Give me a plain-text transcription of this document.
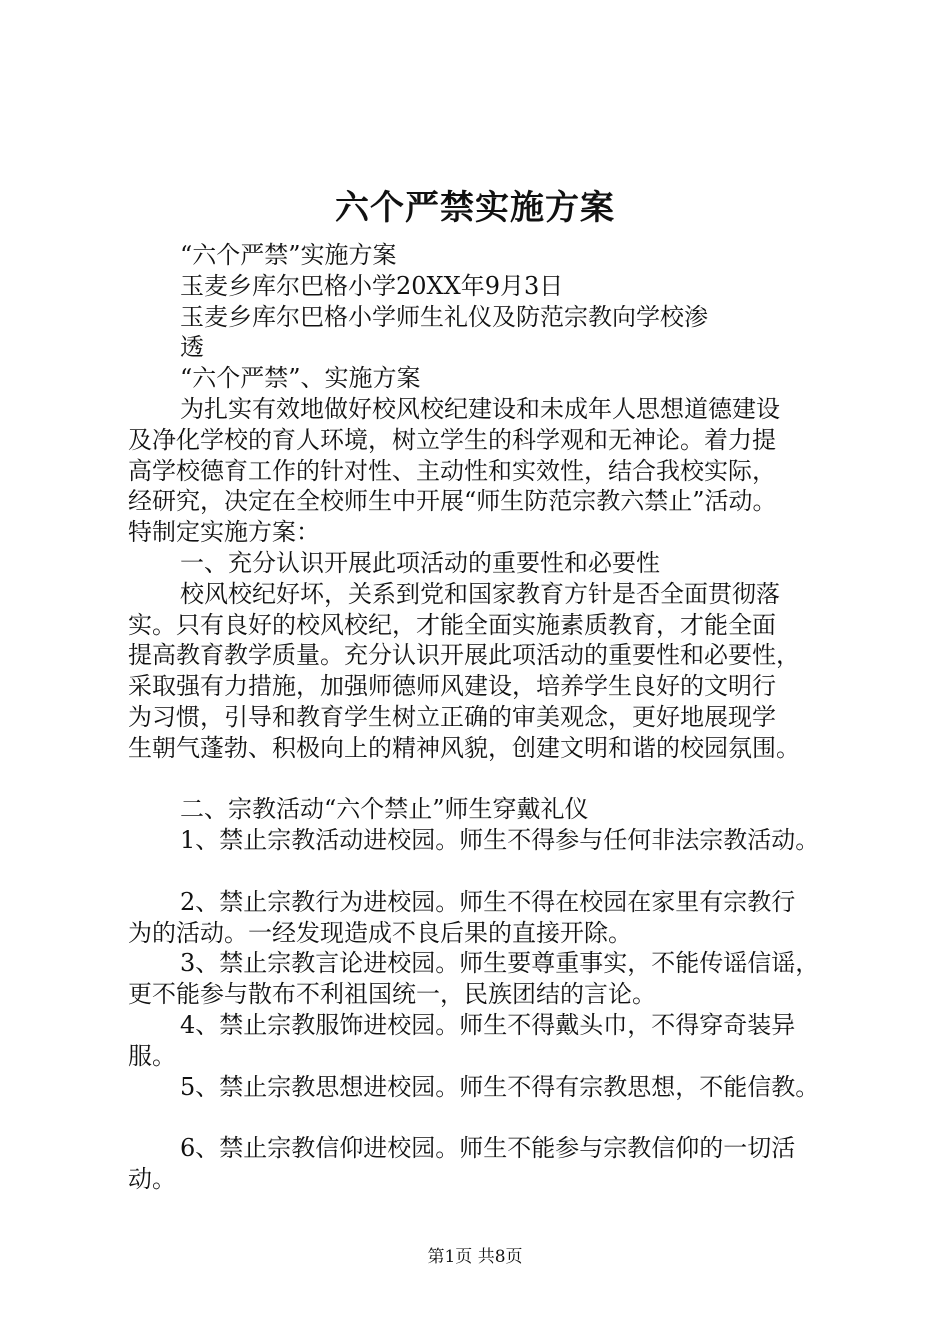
六个严禁实施方案

“六个严禁”实施方案

玉麦乡库尔巴格小学20XX年9月3日

玉麦乡库尔巴格小学师生礼仪及防范宗教向学校渗

透

“六个严禁”、实施方案

为扎实有效地做好校风校纪建设和未成年人思想道德建设

及净化学校的育人环境，树立学生的科学观和无神论。着力提

高学校德育工作的针对性、主动性和实效性，结合我校实际，

经研究，决定在全校师生中开展“师生防范宗教六禁止”活动。

特制定实施方案：

一、充分认识开展此项活动的重要性和必要性

校风校纪好坏，关系到党和国家教育方针是否全面贯彻落

实。只有良好的校风校纪，才能全面实施素质教育，才能全面

提高教育教学质量。充分认识开展此项活动的重要性和必要性，

采取强有力措施，加强师德师风建设，培养学生良好的文明行

为习惯，引导和教育学生树立正确的审美观念，更好地展现学

生朝气蓬勃、积极向上的精神风貌，创建文明和谐的校园氛围。

二、宗教活动“六个禁止”师生穿戴礼仪

1、禁止宗教活动进校园。师生不得参与任何非法宗教活动。

2、禁止宗教行为进校园。师生不得在校园在家里有宗教行

为的活动。一经发现造成不良后果的直接开除。

3、禁止宗教言论进校园。师生要尊重事实，不能传谣信谣，

更不能参与散布不利祖国统一，民族团结的言论。

4、禁止宗教服饰进校园。师生不得戴头巾，不得穿奇装异

服。

5、禁止宗教思想进校园。师生不得有宗教思想，不能信教。

6、禁止宗教信仰进校园。师生不能参与宗教信仰的一切活

动。

第1页 共8页
